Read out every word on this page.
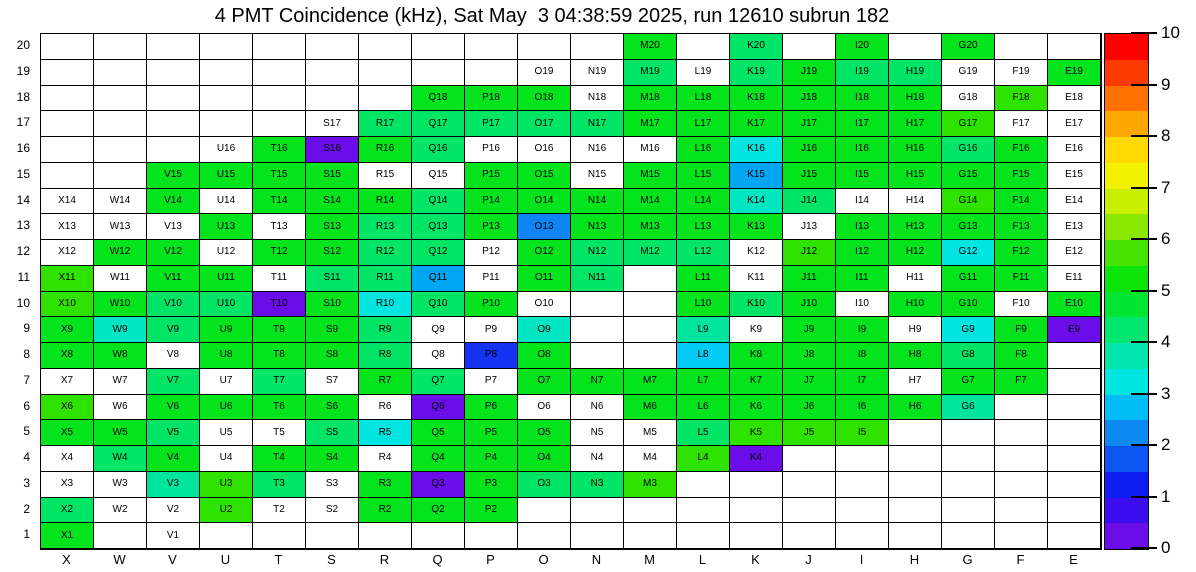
4 PMT Coincidence (kHz), Sat May  3 04:38:59 2025, run 12610 subrun 182
M20	K20	I20	G20
O19	N19	M19	L19	K19	J19	I19	H19	G19	F19	E19
Q18	P18	O18	N18	M18	L18	K18	J18	I18	H18	G18	F18	E18
S17	R17	Q17	P17	O17	N17	M17	L17	K17	J17	I17	H17	G17	F17	E17
U16	T16	S16	R16	Q16	P16	O16	N16	M16	L16	K16	J16	I16	H16	G16	F16	E16
V15	U15	T15	S15	R15	Q15	P15	O15	N15	M15	L15	K15	J15	I15	H15	G15	F15	E15
X14	W14	V14	U14	T14	S14	R14	Q14	P14	O14	N14	M14	L14	K14	J14	I14	H14	G14	F14	E14
X13	W13	V13	U13	T13	S13	R13	Q13	P13	O13	N13	M13	L13	K13	J13	I13	H13	G13	F13	E13
X12	W12	V12	U12	T12	S12	R12	Q12	P12	O12	N12	M12	L12	K12	J12	I12	H12	G12	F12	E12
X11	W11	V11	U11	T11	S11	R11	Q11	P11	O11	N11	L11	K11	J11	I11	H11	G11	F11	E11
X10	W10	V10	U10	T10	S10	R10	Q10	P10	O10	L10	K10	J10	I10	H10	G10	F10	E10
X9	W9	V9	U9	T9	S9	R9	Q9	P9	O9	L9	K9	J9	I9	H9	G9	F9	E9
X8	W8	V8	U8	T8	S8	R8	Q8	P8	O8	L8	K8	J8	I8	H8	G8	F8
X7	W7	V7	U7	T7	S7	R7	Q7	P7	O7	N7	M7	L7	K7	J7	I7	H7	G7	F7
X6	W6	V6	U6	T6	S6	R6	Q6	P6	O6	N6	M6	L6	K6	J6	I6	H6	G6
X5	W5	V5	U5	T5	S5	R5	Q5	P5	O5	N5	M5	L5	K5	J5	I5
X4	W4	V4	U4	T4	S4	R4	Q4	P4	O4	N4	M4	L4	K4
X3	W3	V3	U3	T3	S3	R3	Q3	P3	O3	N3	M3
X2	W2	V2	U2	T2	S2	R2	Q2	P2
X1	V1
20
19
18
17
16
15
14
13
12
11
10
9
8
7
6
5
4
3
2
1
X	W	V	U	T	S	R	Q	P	O	N	M	L	K	J	I	H	G	F	E
0
1
2
3
4
5
6
7
8
9
10
